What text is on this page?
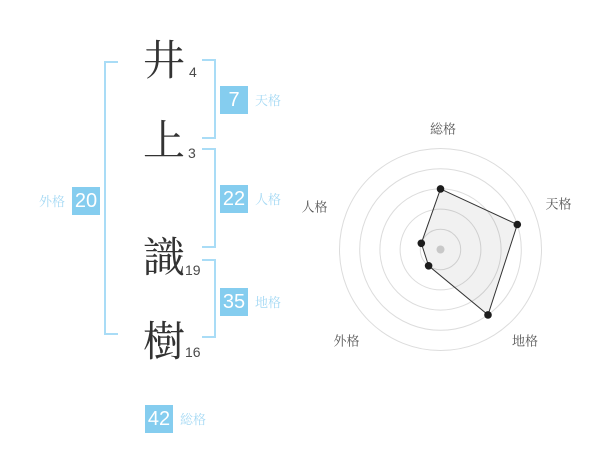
井
上
識
樹
4
3
19
16
7	天格
22 人格
35 地格
外格 20
42 総格
総格
天格
地格
外格
人格
